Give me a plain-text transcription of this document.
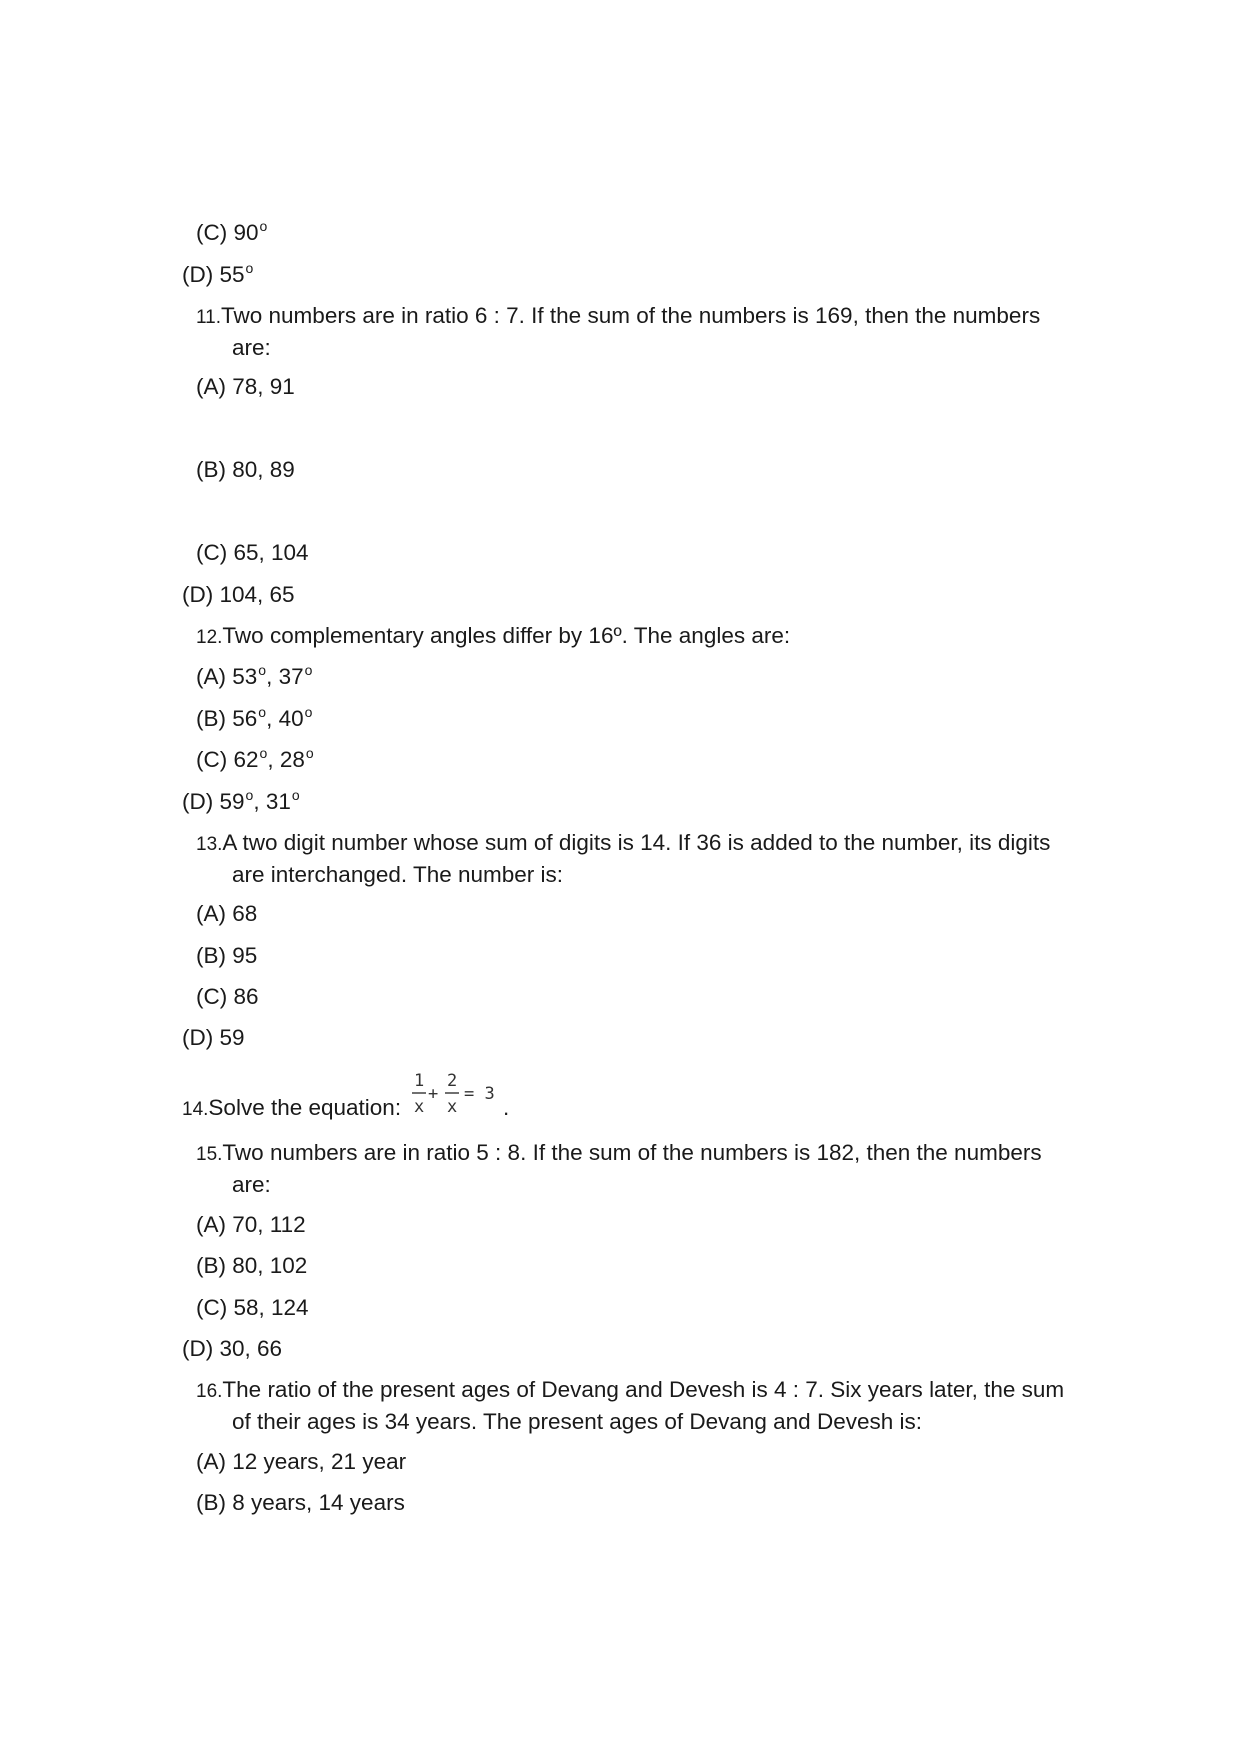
(C) 90$^o$
(D) 55$^o$
11.Two numbers are in ratio 6 : 7. If the sum of the numbers is 169, then the numbers
are:
(A) 78, 91
(B) 80, 89
(C) 65, 104
(D) 104, 65
12.Two complementary angles differ by 16º. The angles are:
(A) 53$^o$, 37$^o$
(B) 56$^o$, 40$^o$
(C) 62$^o$, 28$^o$
(D) 59$^o$, 31$^o$
13.A two digit number whose sum of digits is 14. If 36 is added to the number, its digits
are interchanged. The number is:
(A) 68
(B) 95
(C) 86
(D) 59
14.Solve the equation:
1
x
+
2
x
= 3
.
15.Two numbers are in ratio 5 : 8. If the sum of the numbers is 182, then the numbers
are:
(A) 70, 112
(B) 80, 102
(C) 58, 124
(D) 30, 66
16.The ratio of the present ages of Devang and Devesh is 4 : 7. Six years later, the sum
of their ages is 34 years. The present ages of Devang and Devesh is:
(A) 12 years, 21 year
(B) 8 years, 14 years
